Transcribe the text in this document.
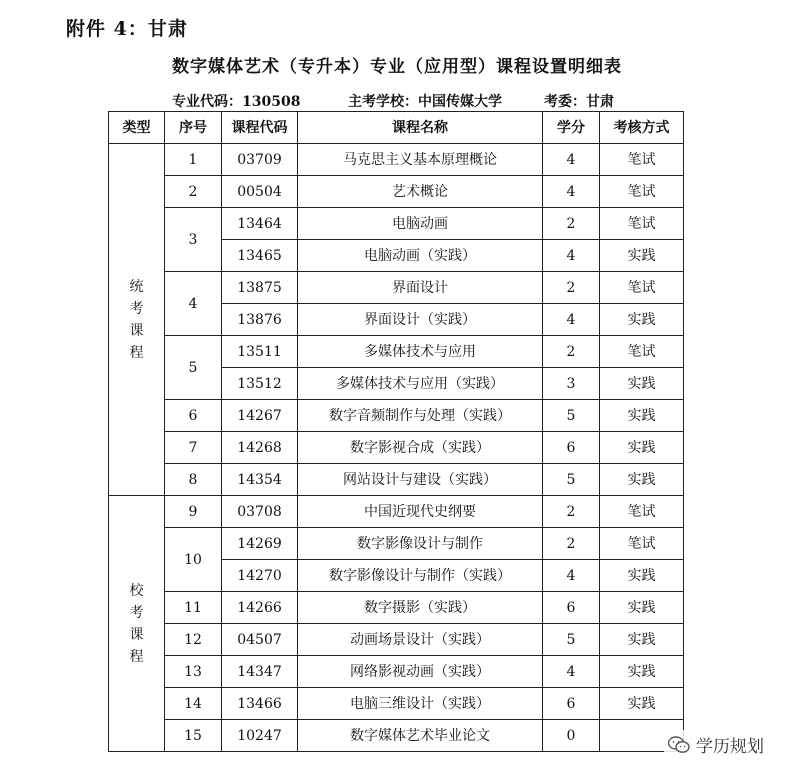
附件 4：甘肃
数字媒体艺术（专升本）专业（应用型）课程设置明细表
专业代码：130508	主考学校：中国传媒大学	考委：甘肃
类型	序号	课程代码	课程名称	学分	考核方式
统考课程	1	03709	马克思主义基本原理概论	4	笔试
	2	00504	艺术概论	4	笔试
	3	13464	电脑动画	2	笔试
		13465	电脑动画（实践）	4	实践
	4	13875	界面设计	2	笔试
		13876	界面设计（实践）	4	实践
	5	13511	多媒体技术与应用	2	笔试
		13512	多媒体技术与应用（实践）	3	实践
	6	14267	数字音频制作与处理（实践）	5	实践
	7	14268	数字影视合成（实践）	6	实践
	8	14354	网站设计与建设（实践）	5	实践
校考课程	9	03708	中国近现代史纲要	2	笔试
	10	14269	数字影像设计与制作	2	笔试
		14270	数字影像设计与制作（实践）	4	实践
	11	14266	数字摄影（实践）	6	实践
	12	04507	动画场景设计（实践）	5	实践
	13	14347	网络影视动画（实践）	4	实践
	14	13466	电脑三维设计（实践）	6	实践
	15	10247	数字媒体艺术毕业论文	0	
学历规划
